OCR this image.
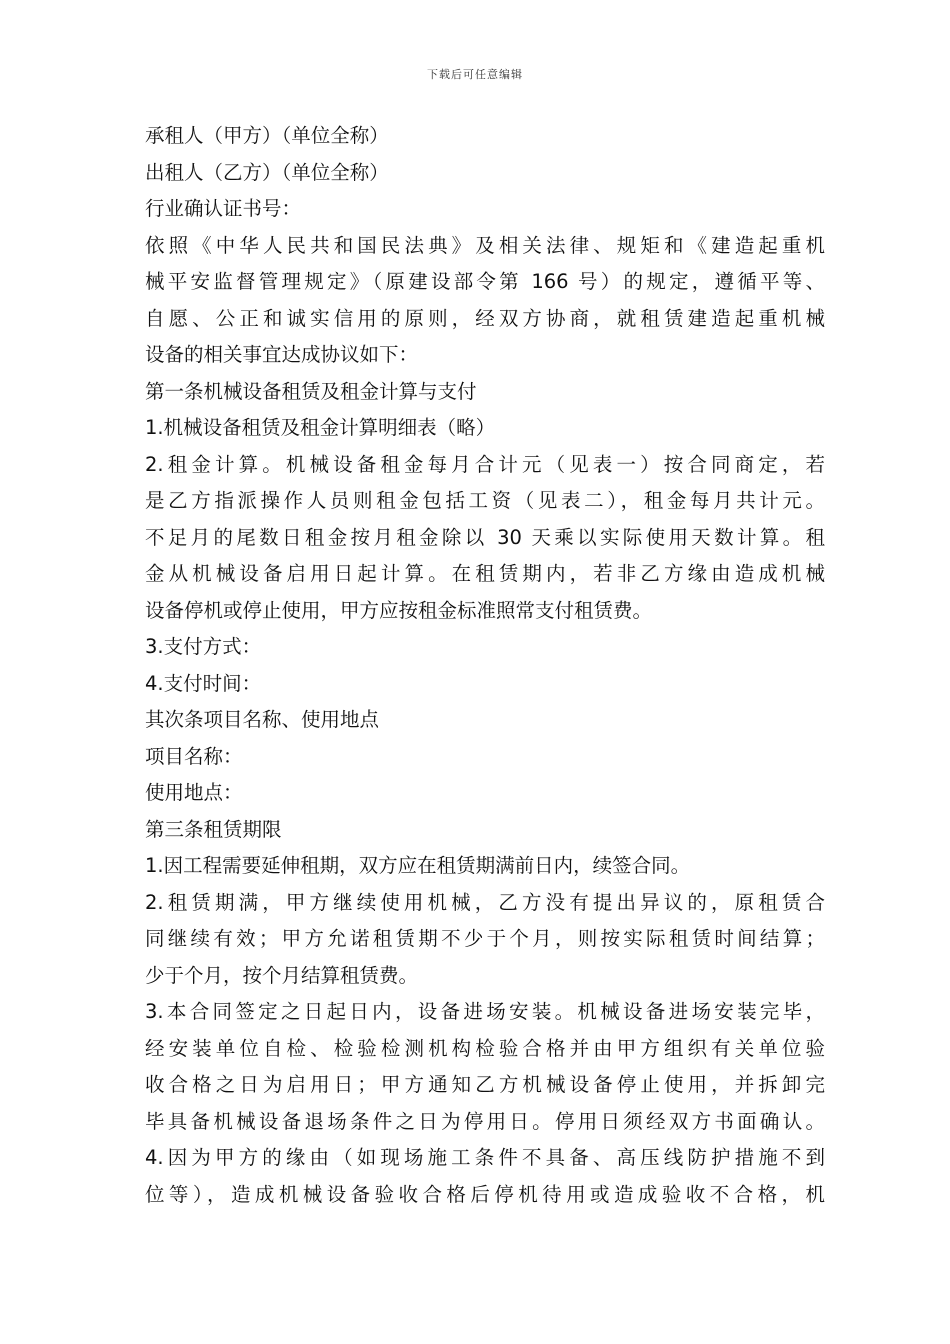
下载后可任意编辑
承租人（甲方）（单位全称）
出租人（乙方）（单位全称）
行业确认证书号：
依照《中华人民共和国民法典》及相关法律、规矩和《建造起重机
械平安监督管理规定》（原建设部令第 166 号）的规定，遵循平等、
自愿、公正和诚实信用的原则，经双方协商，就租赁建造起重机械
设备的相关事宜达成协议如下：
第一条机械设备租赁及租金计算与支付
1.机械设备租赁及租金计算明细表（略）
2.租金计算。机械设备租金每月合计元（见表一）按合同商定，若
是乙方指派操作人员则租金包括工资（见表二），租金每月共计元。
不足月的尾数日租金按月租金除以 30 天乘以实际使用天数计算。租
金从机械设备启用日起计算。在租赁期内，若非乙方缘由造成机械
设备停机或停止使用，甲方应按租金标准照常支付租赁费。
3.支付方式：
4.支付时间：
其次条项目名称、使用地点
项目名称：
使用地点：
第三条租赁期限
1.因工程需要延伸租期，双方应在租赁期满前日内，续签合同。
2.租赁期满，甲方继续使用机械，乙方没有提出异议的，原租赁合
同继续有效；甲方允诺租赁期不少于个月，则按实际租赁时间结算；
少于个月，按个月结算租赁费。
3.本合同签定之日起日内，设备进场安装。机械设备进场安装完毕，
经安装单位自检、检验检测机构检验合格并由甲方组织有关单位验
收合格之日为启用日；甲方通知乙方机械设备停止使用，并拆卸完
毕具备机械设备退场条件之日为停用日。停用日须经双方书面确认。
4.因为甲方的缘由（如现场施工条件不具备、高压线防护措施不到
位等），造成机械设备验收合格后停机待用或造成验收不合格，机
